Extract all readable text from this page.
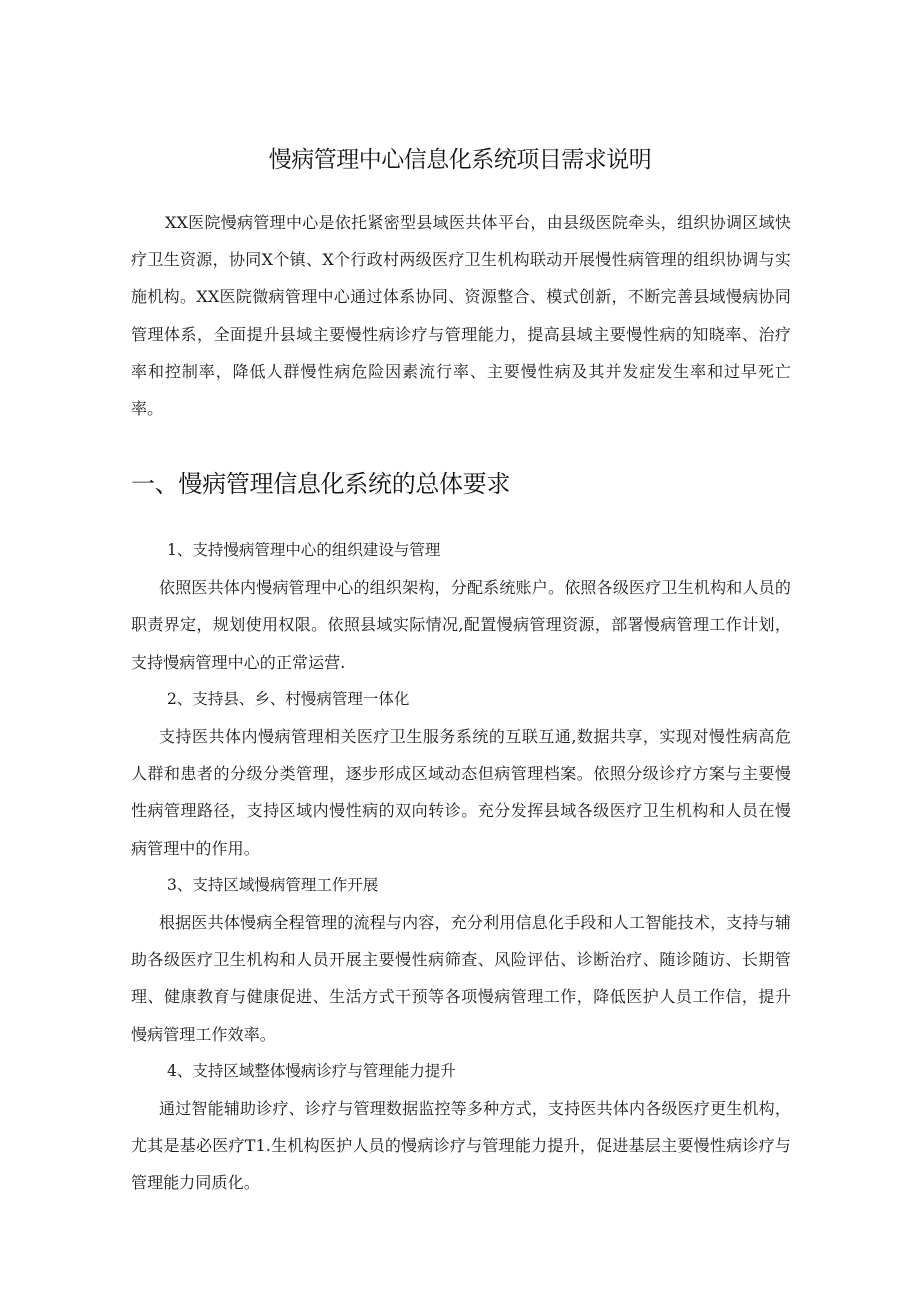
慢病管理中心信息化系统项目需求说明

XX医院慢病管理中心是依托紧密型县域医共体平台，由县级医院牵头，组织协调区域快疗卫生资源，协同X个镇、X个行政村两级医疗卫生机构联动开展慢性病管理的组织协调与实施机构。XX医院微病管理中心通过体系协同、资源整合、模式创新，不断完善县域慢病协同管理体系，全面提升县域主要慢性病诊疗与管理能力，提高县域主要慢性病的知晓率、治疗率和控制率，降低人群慢性病危险因素流行率、主要慢性病及其并发症发生率和过早死亡率。

一、慢病管理信息化系统的总体要求
1、支持慢病管理中心的组织建设与管理

依照医共体内慢病管理中心的组织架构，分配系统账户。依照各级医疗卫生机构和人员的职责界定，规划使用权限。依照县域实际情况,配置慢病管理资源，部署慢病管理工作计划，支持慢病管理中心的正常运营.

2、支持县、乡、村慢病管理一体化

支持医共体内慢病管理相关医疗卫生服务系统的互联互通,数据共享，实现对慢性病高危人群和患者的分级分类管理，逐步形成区域动态但病管理档案。依照分级诊疗方案与主要慢性病管理路径，支持区域内慢性病的双向转诊。充分发挥县域各级医疗卫生机构和人员在慢病管理中的作用。

3、支持区域慢病管理工作开展

根据医共体慢病全程管理的流程与内容，充分利用信息化手段和人工智能技术，支持与辅助各级医疗卫生机构和人员开展主要慢性病筛查、风险评估、诊断治疗、随诊随访、长期管理、健康教育与健康促进、生活方式干预等各项慢病管理工作，降低医护人员工作信，提升慢病管理工作效率。

4、支持区域整体慢病诊疗与管理能力提升

通过智能辅助诊疗、诊疗与管理数据监控等多种方式，支持医共体内各级医疗更生机构，尤其是基必医疗T1.生机构医护人员的慢病诊疗与管理能力提升，促进基层主要慢性病诊疗与管理能力同质化。
